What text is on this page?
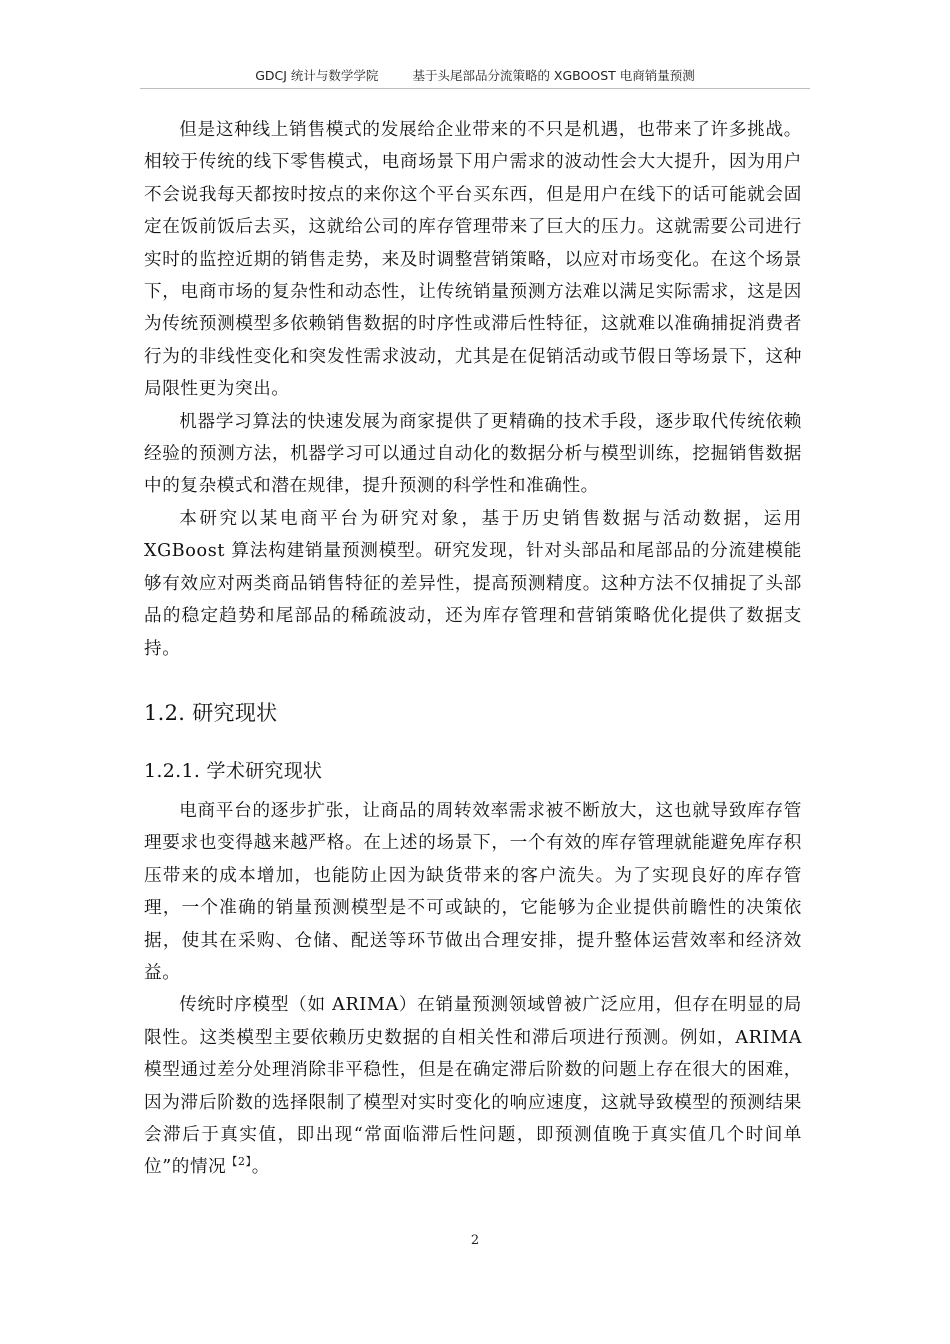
GDCJ 统计与数学学院	基于头尾部品分流策略的 XGBOOST 电商销量预测

但是这种线上销售模式的发展给企业带来的不只是机遇，也带来了许多挑战。相较于传统的线下零售模式，电商场景下用户需求的波动性会大大提升，因为用户不会说我每天都按时按点的来你这个平台买东西，但是用户在线下的话可能就会固定在饭前饭后去买，这就给公司的库存管理带来了巨大的压力。这就需要公司进行实时的监控近期的销售走势，来及时调整营销策略，以应对市场变化。在这个场景下，电商市场的复杂性和动态性，让传统销量预测方法难以满足实际需求，这是因为传统预测模型多依赖销售数据的时序性或滞后性特征，这就难以准确捕捉消费者行为的非线性变化和突发性需求波动，尤其是在促销活动或节假日等场景下，这种局限性更为突出。

机器学习算法的快速发展为商家提供了更精确的技术手段，逐步取代传统依赖经验的预测方法，机器学习可以通过自动化的数据分析与模型训练，挖掘销售数据中的复杂模式和潜在规律，提升预测的科学性和准确性。

本研究以某电商平台为研究对象，基于历史销售数据与活动数据，运用XGBoost 算法构建销量预测模型。研究发现，针对头部品和尾部品的分流建模能够有效应对两类商品销售特征的差异性，提高预测精度。这种方法不仅捕捉了头部品的稳定趋势和尾部品的稀疏波动，还为库存管理和营销策略优化提供了数据支持。

1.2. 研究现状
1.2.1. 学术研究现状

电商平台的逐步扩张，让商品的周转效率需求被不断放大，这也就导致库存管理要求也变得越来越严格。在上述的场景下，一个有效的库存管理就能避免库存积压带来的成本增加，也能防止因为缺货带来的客户流失。为了实现良好的库存管理，一个准确的销量预测模型是不可或缺的，它能够为企业提供前瞻性的决策依据，使其在采购、仓储、配送等环节做出合理安排，提升整体运营效率和经济效益。

传统时序模型（如 ARIMA）在销量预测领域曾被广泛应用，但存在明显的局限性。这类模型主要依赖历史数据的自相关性和滞后项进行预测。例如，ARIMA 模型通过差分处理消除非平稳性，但是在确定滞后阶数的问题上存在很大的困难，因为滞后阶数的选择限制了模型对实时变化的响应速度，这就导致模型的预测结果会滞后于真实值，即出现“常面临滞后性问题，即预测值晚于真实值几个时间单位”的情况$^{【2】}$。

2
